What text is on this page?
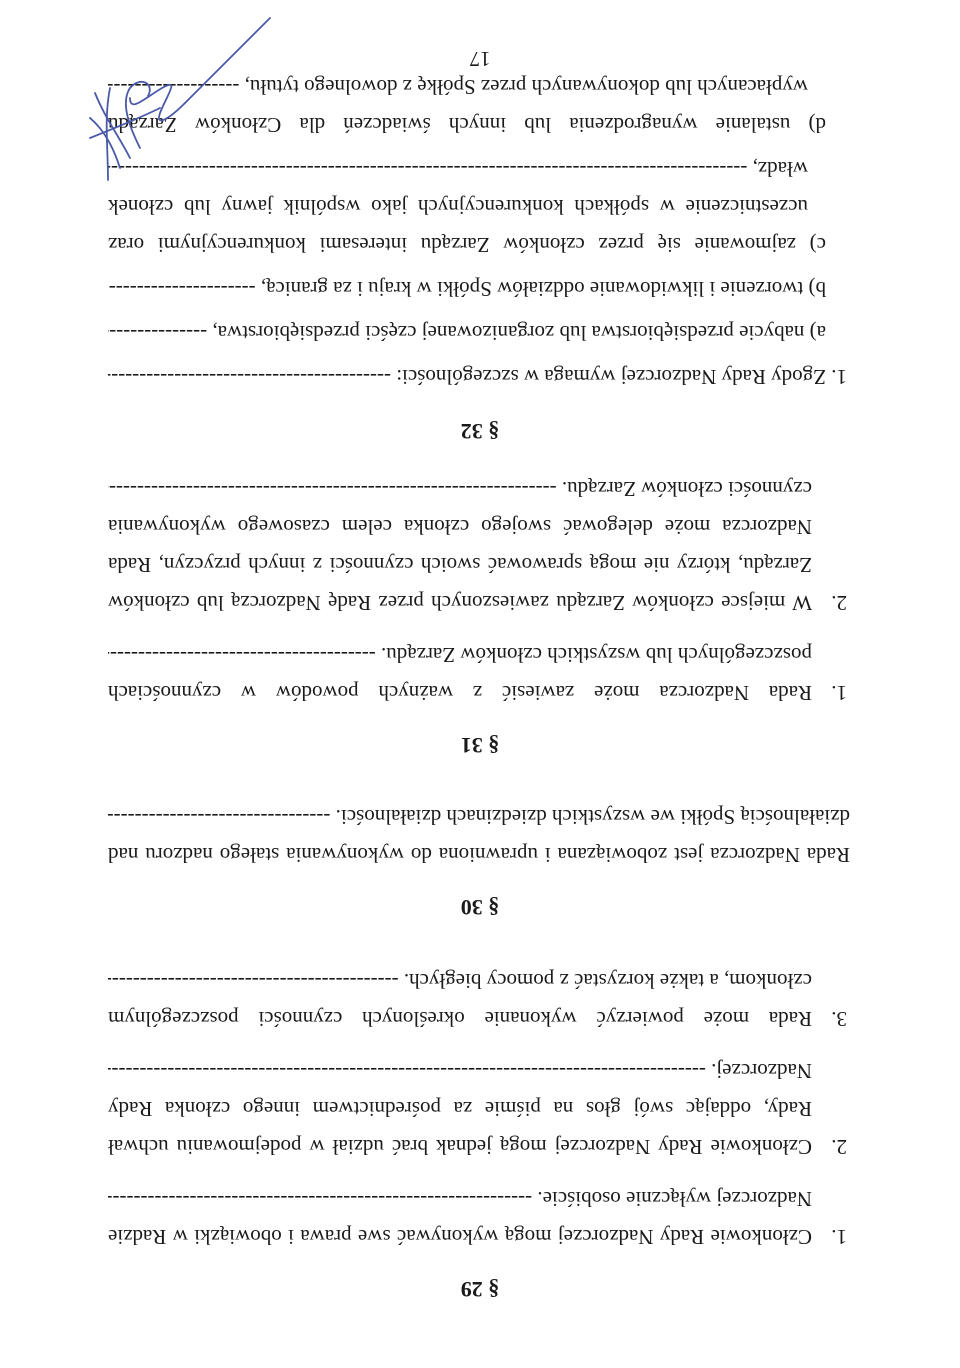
§ 29
1.
Członkowie Rady Nadzorczej mogą wykonywać swe prawa i obowiązki w Radzie
Nadzorczej wyłącznie osobiście. -----
2.
Członkowie Rady Nadzorczej mogą jednak brać udział w podejmowaniu uchwał
Rady, oddając swój głos na piśmie za pośrednictwem innego członka Rady
Nadzorczej. -----
3.
Rada może powierzyć wykonanie określonych czynności poszczególnym
członkom, a także korzystać z pomocy biegłych. -----
§ 30
Rada Nadzorcza jest zobowiązana i uprawniona do wykonywania stałego nadzoru nad
działalnością Spółki we wszystkich dziedzinach działalności. -----
§ 31
1.
Rada Nadzorcza może zawiesić z ważnych powodów w czynnościach
poszczególnych lub wszystkich członków Zarządu. -----
2.
W miejsce członków Zarządu zawieszonych przez Radę Nadzorczą lub członków
Zarządu, którzy nie mogą sprawować swoich czynności z innych przyczyn, Rada
Nadzorcza może delegować swojego członka celem czasowego wykonywania
czynności członków Zarządu. -----
§ 32
1. Zgody Rady Nadzorczej wymaga w szczególności: -----
a) nabycie przedsiębiorstwa lub zorganizowanej części przedsiębiorstwa, -----
b) tworzenie i likwidowanie oddziałów Spółki w kraju i za granicą, -----
c) zajmowanie się przez członków Zarządu interesami konkurencyjnymi oraz
uczestniczenie w spółkach konkurencyjnych jako wspólnik jawny lub członek
władz, -----
d) ustalanie wynagrodzenia lub innych świadczeń dla Członków Zarządu
wypłacanych lub dokonywanych przez Spółkę z dowolnego tytułu, -----
17
